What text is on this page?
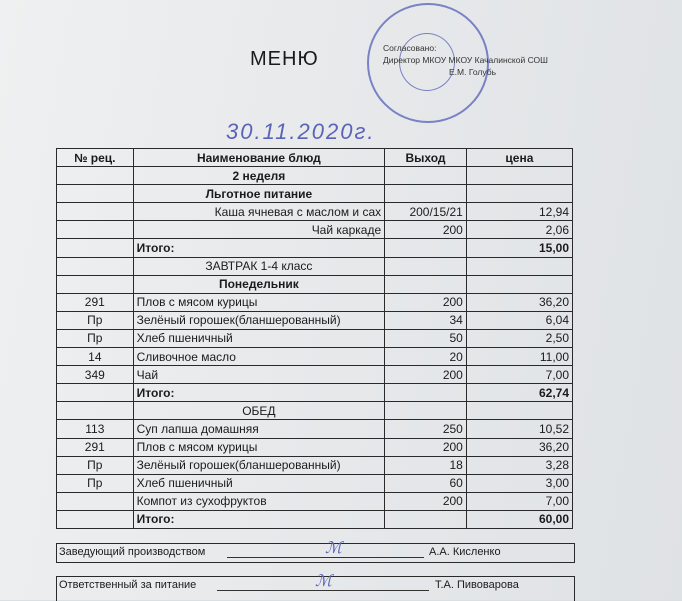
МЕНЮ	Согласовано:
Директор МКОУ МКОУ Качалинской СОШ
Е.М. Голубь
30.11.2020г.
№ рец.	Наименование блюд	Выход	цена
	2 неделя		
	Льготное питание		
	Каша ячневая с маслом и сах	200/15/21	12,94
	Чай каркаде	200	2,06
	Итого:		15,00
	ЗАВТРАК 1-4 класс		
	Понедельник		
291	Плов с мясом курицы	200	36,20
Пр	Зелёный горошек(бланшерованный)	34	6,04
Пр	Хлеб пшеничный	50	2,50
14	Сливочное масло	20	11,00
349	Чай	200	7,00
	Итого:		62,74
	ОБЕД		
113	Суп лапша домашняя	250	10,52
291	Плов с мясом курицы	200	36,20
Пр	Зелёный горошек(бланшерованный)	18	3,28
Пр	Хлеб пшеничный	60	3,00
	Компот из сухофруктов	200	7,00
	Итого:		60,00
Заведующий производством	ℳ	А.А. Кисленко
Ответственный за питание	ℳ	Т.А. Пивоварова
